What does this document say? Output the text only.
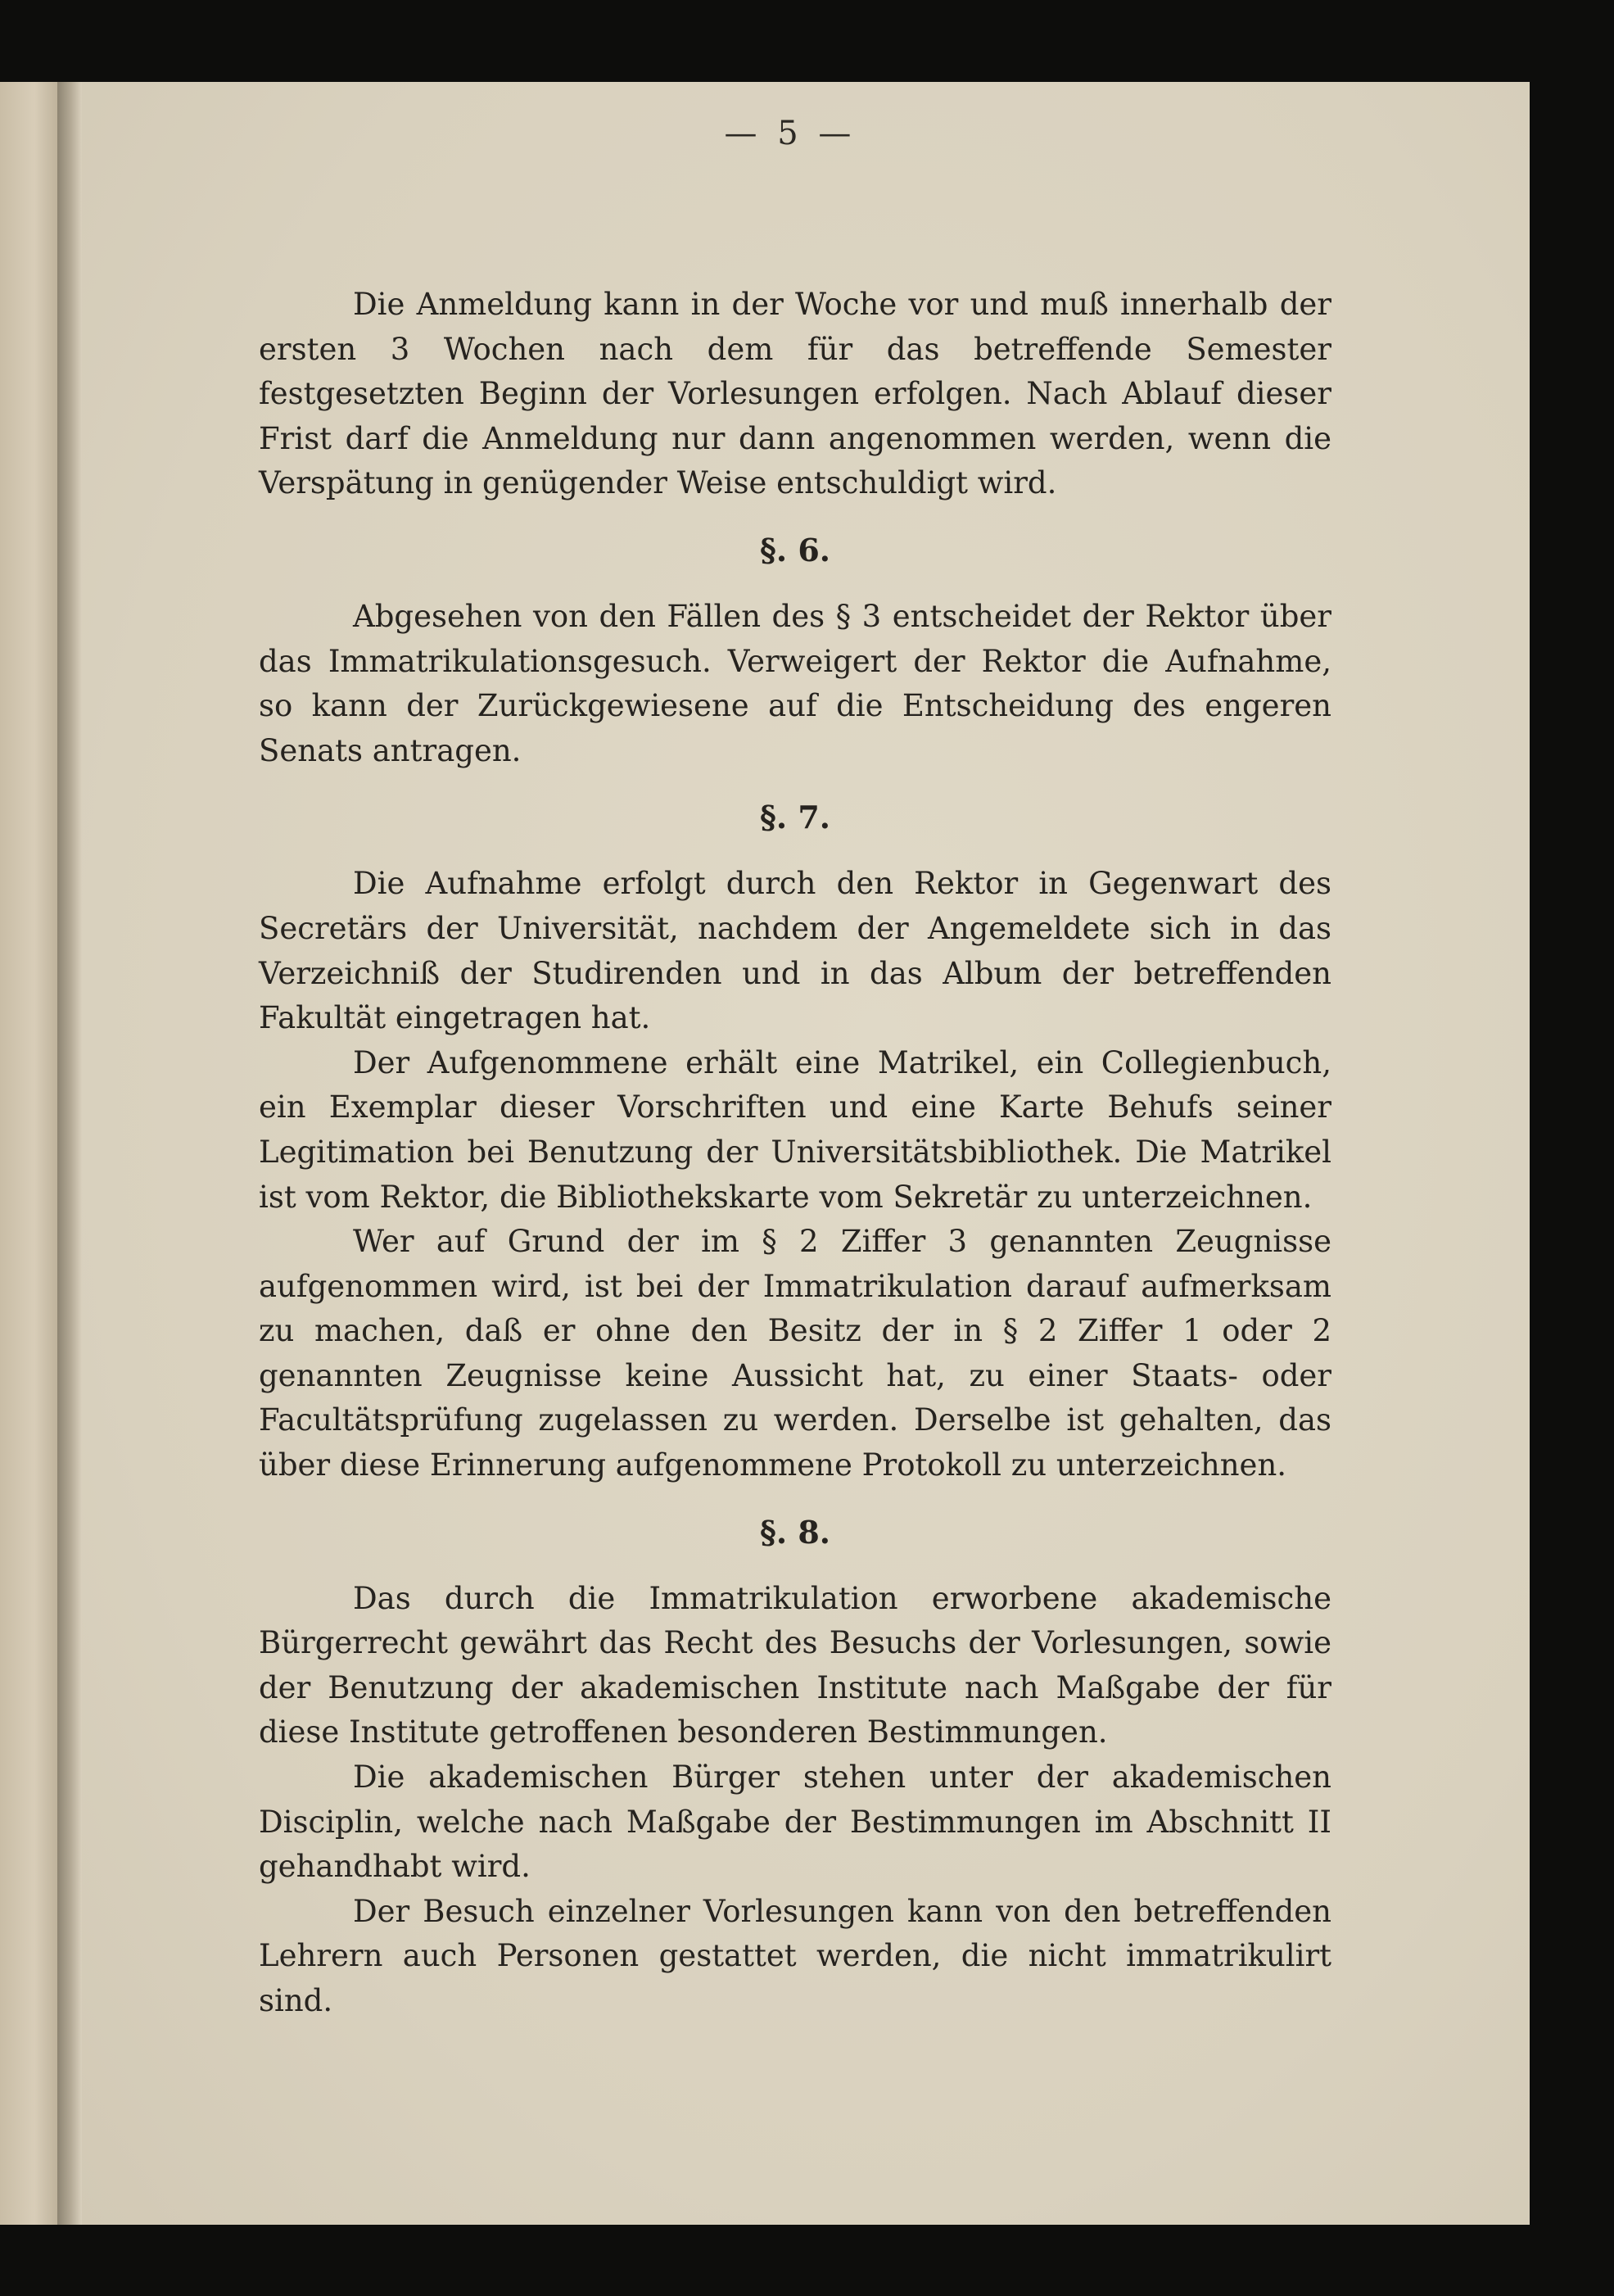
— 5 —

Die Anmeldung kann in der Woche vor und muß innerhalb der ersten 3 Wochen nach dem für das betreffende Semester festgesetzten Beginn der Vorlesungen erfolgen. Nach Ablauf dieser Frist darf die Anmeldung nur dann angenommen werden, wenn die Verspätung in genügender Weise entschuldigt wird.

§. 6.

Abgesehen von den Fällen des § 3 entscheidet der Rektor über das Immatrikulationsgesuch. Verweigert der Rektor die Aufnahme, so kann der Zurückgewiesene auf die Entscheidung des engeren Senats antragen.

§. 7.

Die Aufnahme erfolgt durch den Rektor in Gegenwart des Secretärs der Universität, nachdem der Angemeldete sich in das Verzeichniß der Studirenden und in das Album der betreffenden Fakultät eingetragen hat.

Der Aufgenommene erhält eine Matrikel, ein Collegienbuch, ein Exemplar dieser Vorschriften und eine Karte Behufs seiner Legitimation bei Benutzung der Universitätsbibliothek. Die Matrikel ist vom Rektor, die Bibliothekskarte vom Sekretär zu unterzeichnen.

Wer auf Grund der im § 2 Ziffer 3 genannten Zeugnisse aufgenommen wird, ist bei der Immatrikulation darauf aufmerksam zu machen, daß er ohne den Besitz der in § 2 Ziffer 1 oder 2 genannten Zeugnisse keine Aussicht hat, zu einer Staats- oder Facultätsprüfung zugelassen zu werden. Derselbe ist gehalten, das über diese Erinnerung aufgenommene Protokoll zu unterzeichnen.

§. 8.

Das durch die Immatrikulation erworbene akademische Bürgerrecht gewährt das Recht des Besuchs der Vorlesungen, sowie der Benutzung der akademischen Institute nach Maßgabe der für diese Institute getroffenen besonderen Bestimmungen.

Die akademischen Bürger stehen unter der akademischen Disciplin, welche nach Maßgabe der Bestimmungen im Abschnitt II gehandhabt wird.

Der Besuch einzelner Vorlesungen kann von den betreffenden Lehrern auch Personen gestattet werden, die nicht immatrikulirt sind.
